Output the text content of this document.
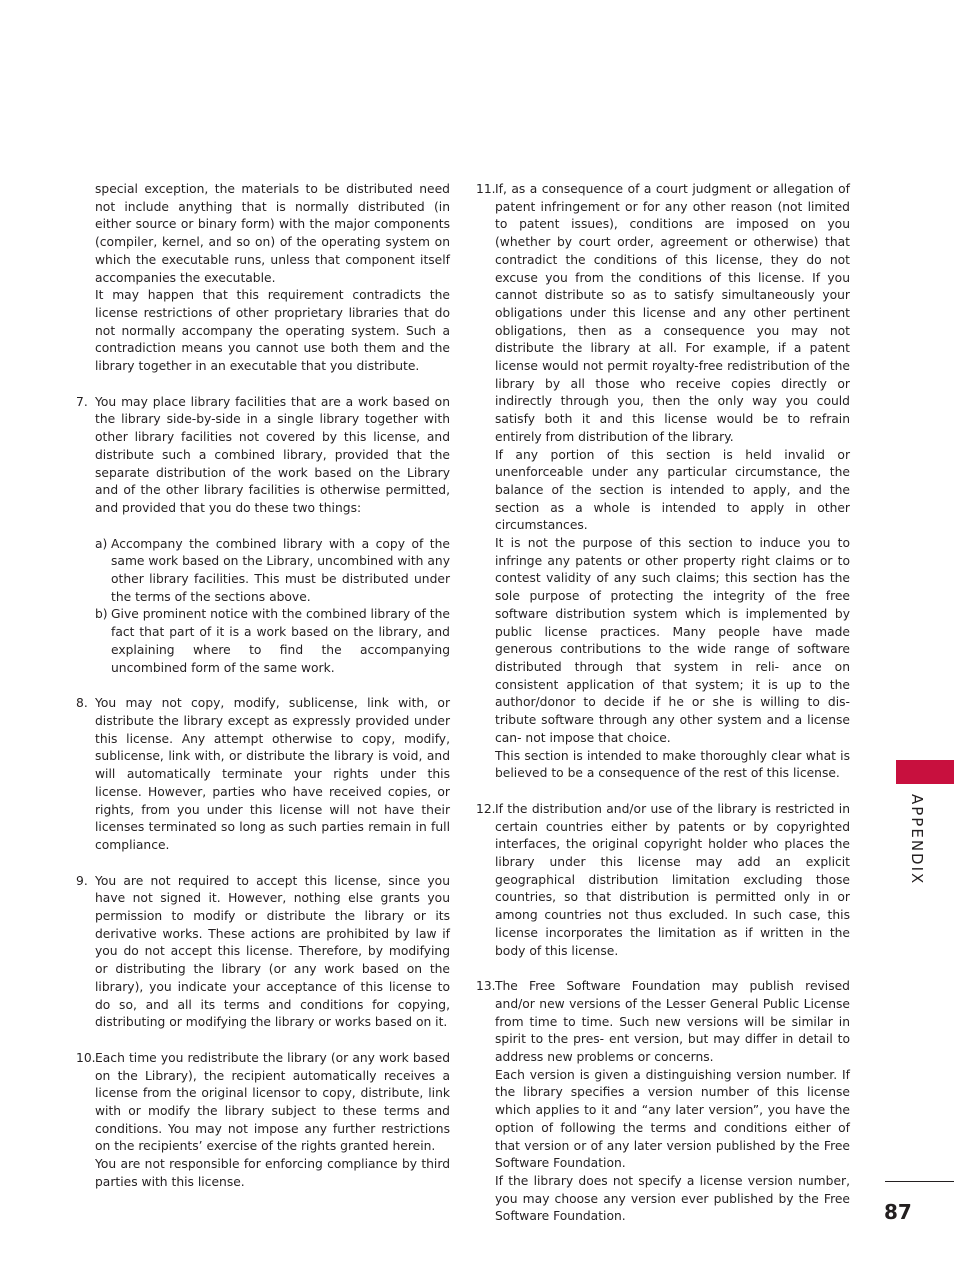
special exception, the materials to be distributed need not include anything that is normally distributed (in either source or binary form) with the major components (compiler, kernel, and so on) of the operating system on which the executable runs, unless that component itself accompanies the executable.

It may happen that this requirement contradicts the license restrictions of other proprietary libraries that do not normally accompany the operating system. Such a contradiction means you cannot use both them and the library together in an executable that you distribute.

7. You may place library facilities that are a work based on the library side-by-side in a single library together with other library facilities not covered by this license, and distribute such a combined library, provided that the separate distribution of the work based on the Library and of the other library facilities is otherwise permitted, and provided that you do these two things:

a) Accompany the combined library with a copy of the same work based on the Library, uncombined with any other library facilities. This must be distributed under the terms of the sections above.

b) Give prominent notice with the combined library of the fact that part of it is a work based on the library, and explaining where to find the accompanying uncombined form of the same work.

8. You may not copy, modify, sublicense, link with, or distribute the library except as expressly provided under this license. Any attempt otherwise to copy, modify, sublicense, link with, or distribute the library is void, and will automatically terminate your rights under this license. However, parties who have received copies, or rights, from you under this license will not have their licenses terminated so long as such parties remain in full compliance.

9. You are not required to accept this license, since you have not signed it. However, nothing else grants you permission to modify or distribute the library or its derivative works. These actions are prohibited by law if you do not accept this license. Therefore, by modifying or distributing the library (or any work based on the library), you indicate your acceptance of this license to do so, and all its terms and conditions for copying, distributing or modifying the library or works based on it.

10. Each time you redistribute the library (or any work based on the Library), the recipient automatically receives a license from the original licensor to copy, distribute, link with or modify the library subject to these terms and conditions. You may not impose any further restrictions on the recipients’ exercise of the rights granted herein.

You are not responsible for enforcing compliance by third parties with this license.

11. If, as a consequence of a court judgment or allegation of patent infringement or for any other reason (not limited to patent issues), conditions are imposed on you (whether by court order, agreement or otherwise) that contradict the conditions of this license, they do not excuse you from the conditions of this license. If you cannot distribute so as to satisfy simultaneously your obligations under this license and any other pertinent obligations, then as a consequence you may not distribute the library at all. For example, if a patent license would not permit royalty-free redistribution of the library by all those who receive copies directly or indirectly through you, then the only way you could satisfy both it and this license would be to refrain entirely from distribution of the library.

If any portion of this section is held invalid or unenforceable under any particular circumstance, the balance of the section is intended to apply, and the section as a whole is intended to apply in other circumstances.

It is not the purpose of this section to induce you to infringe any patents or other property right claims or to contest validity of any such claims; this section has the sole purpose of protecting the integrity of the free software distribution system which is implemented by public license practices. Many people have made generous contributions to the wide range of software distributed through that system in reli- ance on consistent application of that system; it is up to the author/donor to decide if he or she is willing to dis- tribute software through any other system and a license can- not impose that choice.

This section is intended to make thoroughly clear what is believed to be a consequence of the rest of this license.

12. If the distribution and/or use of the library is restricted in certain countries either by patents or by copyrighted interfaces, the original copyright holder who places the library under this license may add an explicit geographical distribution limitation excluding those countries, so that distribution is permitted only in or among countries not thus excluded. In such case, this license incorporates the limitation as if written in the body of this license.

13. The Free Software Foundation may publish revised and/or new versions of the Lesser General Public License from time to time. Such new versions will be similar in spirit to the pres- ent version, but may differ in detail to address new problems or concerns.

Each version is given a distinguishing version number. If the library specifies a version number of this license which applies to it and “any later version”, you have the option of following the terms and conditions either of that version or of any later version published by the Free Software Foundation.

If the library does not specify a license version number, you may choose any version ever published by the Free Software Foundation.

APPENDIX
87
